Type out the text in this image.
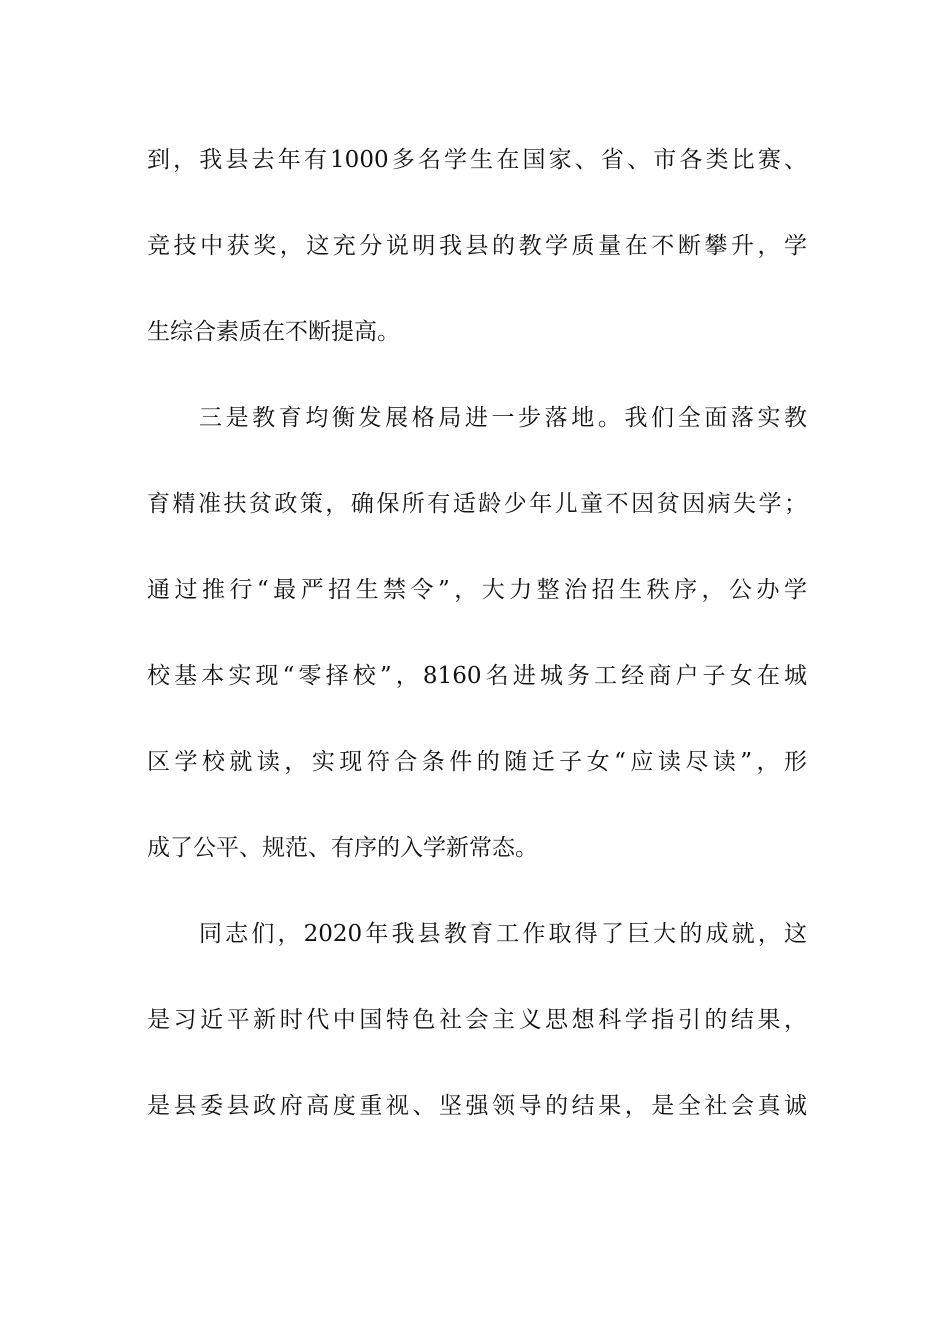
到，我县去年有1000多名学生在国家、省、市各类比赛、
竞技中获奖，这充分说明我县的教学质量在不断攀升，学
生综合素质在不断提高。
三是教育均衡发展格局进一步落地。我们全面落实教
育精准扶贫政策，确保所有适龄少年儿童不因贫因病失学；
通过推行“最严招生禁令”，大力整治招生秩序，公办学
校基本实现“零择校”，8160名进城务工经商户子女在城
区学校就读，实现符合条件的随迁子女“应读尽读”，形
成了公平、规范、有序的入学新常态。
同志们，2020年我县教育工作取得了巨大的成就，这
是习近平新时代中国特色社会主义思想科学指引的结果，
是县委县政府高度重视、坚强领导的结果，是全社会真诚
